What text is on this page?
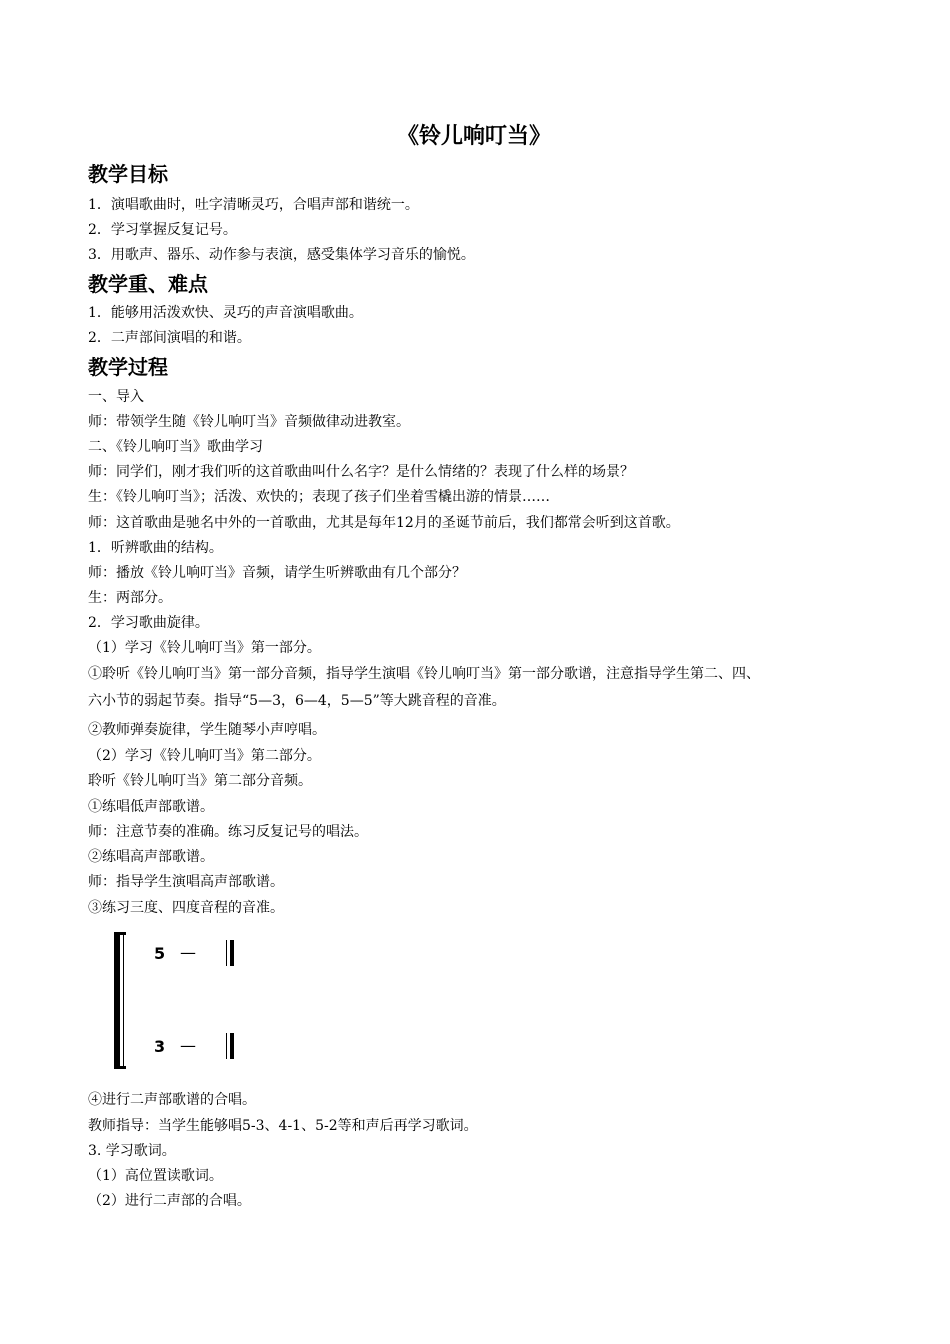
《铃儿响叮当》
教学目标
1．演唱歌曲时，吐字清晰灵巧，合唱声部和谐统一。
2．学习掌握反复记号。
3．用歌声、器乐、动作参与表演，感受集体学习音乐的愉悦。
教学重、难点
1．能够用活泼欢快、灵巧的声音演唱歌曲。
2．二声部间演唱的和谐。
教学过程
一、导入
师：带领学生随《铃儿响叮当》音频做律动进教室。
二、《铃儿响叮当》歌曲学习
师：同学们，刚才我们听的这首歌曲叫什么名字？是什么情绪的？表现了什么样的场景？
生：《铃儿响叮当》；活泼、欢快的；表现了孩子们坐着雪橇出游的情景……
师：这首歌曲是驰名中外的一首歌曲，尤其是每年12月的圣诞节前后，我们都常会听到这首歌。
1．听辨歌曲的结构。
师：播放《铃儿响叮当》音频，请学生听辨歌曲有几个部分？
生：两部分。
2．学习歌曲旋律。
（1）学习《铃儿响叮当》第一部分。
①聆听《铃儿响叮当》第一部分音频，指导学生演唱《铃儿响叮当》第一部分歌谱，注意指导学生第二、四、
六小节的弱起节奏。指导“5—3，6—4，5—5”等大跳音程的音准。
②教师弹奏旋律，学生随琴小声哼唱。
（2）学习《铃儿响叮当》第二部分。
聆听《铃儿响叮当》第二部分音频。
①练唱低声部歌谱。
师：注意节奏的准确。练习反复记号的唱法。
②练唱高声部歌谱。
师：指导学生演唱高声部歌谱。
③练习三度、四度音程的音准。
④进行二声部歌谱的合唱。
教师指导：当学生能够唱5-3、4-1、5-2等和声后再学习歌词。
3. 学习歌词。
（1）高位置读歌词。
（2）进行二声部的合唱。
5 —
3 —
